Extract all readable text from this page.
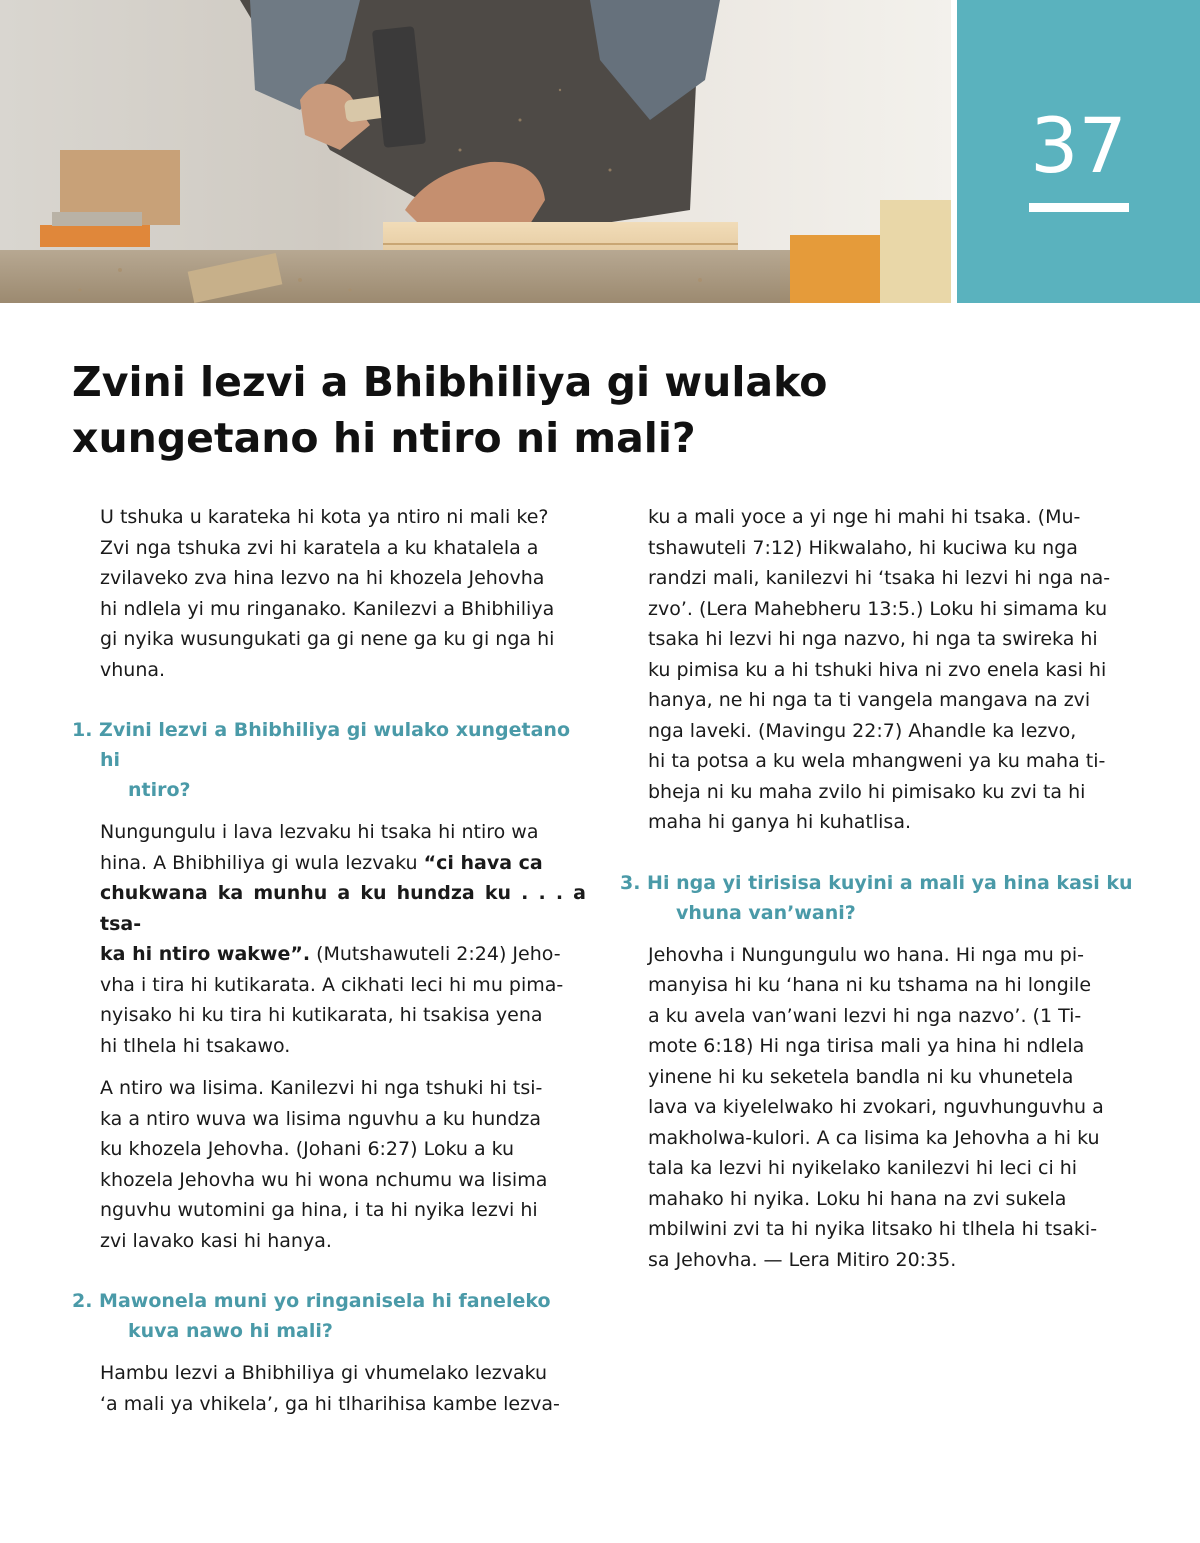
37
Zvini lezvi a Bhibhiliya gi wulako
xungetano hi ntiro ni mali?

U tshuka u karateka hi kota ya ntiro ni mali ke?
Zvi nga tshuka zvi hi karatela a ku khatalela a
zvilaveko zva hina lezvo na hi khozela Jehovha
hi ndlela yi mu ringanako. Kanilezvi a Bhibhiliya
gi nyika wusungukati ga gi nene ga ku gi nga hi
vhuna.

1. Zvini lezvi a Bhibhiliya gi wulako xungetano hi
ntiro?

Nungungulu i lava lezvaku hi tsaka hi ntiro wa
hina. A Bhibhiliya gi wula lezvaku “ci hava ca
chukwana ka munhu a ku hundza ku . . . a tsa-
ka hi ntiro wakwe”. (Mutshawuteli 2:24) Jeho-
vha i tira hi kutikarata. A cikhati leci hi mu pima-
nyisako hi ku tira hi kutikarata, hi tsakisa yena
hi tlhela hi tsakawo.

A ntiro wa lisima. Kanilezvi hi nga tshuki hi tsi-
ka a ntiro wuva wa lisima nguvhu a ku hundza
ku khozela Jehovha. (Johani 6:27) Loku a ku
khozela Jehovha wu hi wona nchumu wa lisima
nguvhu wutomini ga hina, i ta hi nyika lezvi hi
zvi lavako kasi hi hanya.

2. Mawonela muni yo ringanisela hi faneleko
kuva nawo hi mali?

Hambu lezvi a Bhibhiliya gi vhumelako lezvaku
‘a mali ya vhikela’, ga hi tlharihisa kambe lezva-

ku a mali yoce a yi nge hi mahi hi tsaka. (Mu-
tshawuteli 7:12) Hikwalaho, hi kuciwa ku nga
randzi mali, kanilezvi hi ‘tsaka hi lezvi hi nga na-
zvo’. (Lera Mahebheru 13:5.) Loku hi simama ku
tsaka hi lezvi hi nga nazvo, hi nga ta swireka hi
ku pimisa ku a hi tshuki hiva ni zvo enela kasi hi
hanya, ne hi nga ta ti vangela mangava na zvi
nga laveki. (Mavingu 22:7) Ahandle ka lezvo,
hi ta potsa a ku wela mhangweni ya ku maha ti-
bheja ni ku maha zvilo hi pimisako ku zvi ta hi
maha hi ganya hi kuhatlisa.

3. Hi nga yi tirisisa kuyini a mali ya hina kasi ku
vhuna van’wani?

Jehovha i Nungungulu wo hana. Hi nga mu pi-
manyisa hi ku ‘hana ni ku tshama na hi longile
a ku avela van’wani lezvi hi nga nazvo’. (1 Ti-
mote 6:18) Hi nga tirisa mali ya hina hi ndlela
yinene hi ku seketela bandla ni ku vhunetela
lava va kiyelelwako hi zvokari, nguvhunguvhu a
makholwa-kulori. A ca lisima ka Jehovha a hi ku
tala ka lezvi hi nyikelako kanilezvi hi leci ci hi
mahako hi nyika. Loku hi hana na zvi sukela
mbilwini zvi ta hi nyika litsako hi tlhela hi tsaki-
sa Jehovha. — Lera Mitiro 20:35.
